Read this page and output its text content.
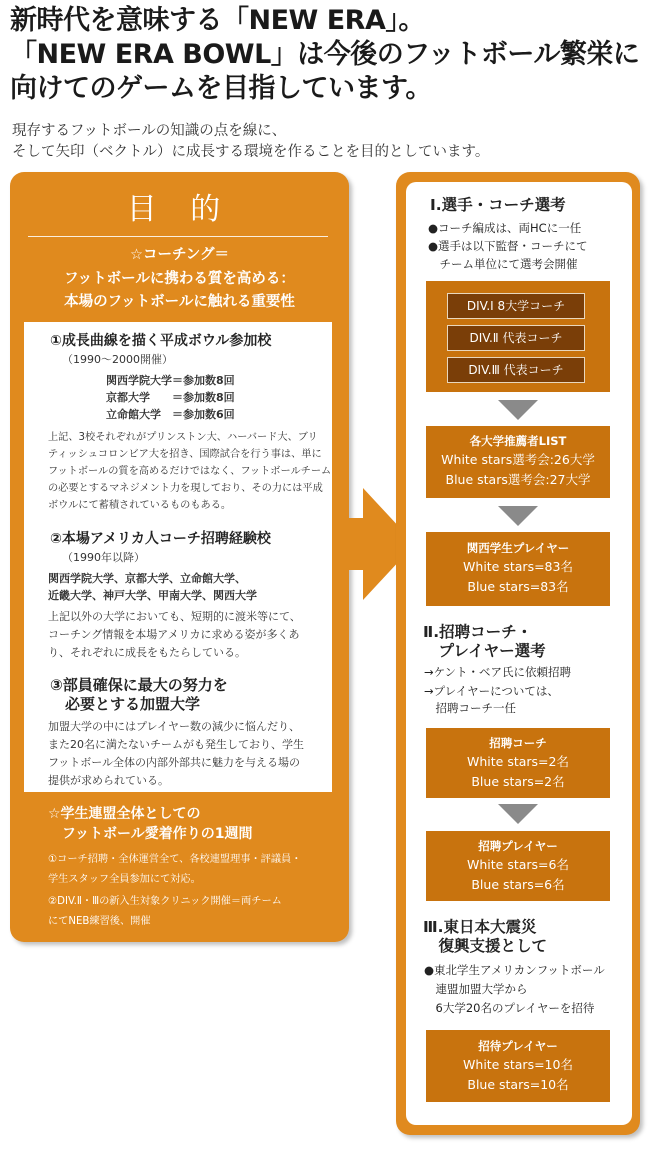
新時代を意味する「NEW ERA」。
「NEW ERA BOWL」は今後のフットボール繁栄に
向けてのゲームを目指しています。
現存するフットボールの知識の点を線に、
そして矢印（ベクトル）に成長する環境を作ることを目的としています。
目 的
☆コーチング＝
フットボールに携わる質を高める：
本場のフットボールに触れる重要性
①成長曲線を描く平成ボウル参加校
（1990～2000開催）
関西学院大学＝参加数8回
京都大学　　＝参加数8回
立命館大学　＝参加数6回
上記、3校それぞれがプリンストン大、ハーバード大、ブリ
ティッシュコロンビア大を招き、国際試合を行う事は、単に
フットボールの質を高めるだけではなく、フットボールチーム
の必要とするマネジメント力を現しており、その力には平成
ボウルにて蓄積されているものもある。
②本場アメリカ人コーチ招聘経験校
（1990年以降）
関西学院大学、京都大学、立命館大学、
近畿大学、神戸大学、甲南大学、関西大学
上記以外の大学においても、短期的に渡米等にて、
コーチング情報を本場アメリカに求める姿が多くあ
り、それぞれに成長をもたらしている。
③部員確保に最大の努力を
　必要とする加盟大学
加盟大学の中にはプレイヤー数の減少に悩んだり、
また20名に満たないチームがも発生しており、学生
フットボール全体の内部外部共に魅力を与える場の
提供が求められている。
☆学生連盟全体としての
　フットボール愛着作りの1週間
①コーチ招聘・全体運営全て、各校連盟理事・評議員・
学生スタッフ全員参加にて対応。
②DIV.Ⅱ・Ⅲの新入生対象クリニック開催＝両チーム
にてNEB練習後、開催
Ⅰ.選手・コーチ選考
●コーチ編成は、両HCに一任
●選手は以下監督・コーチにて
　チーム単位にて選考会開催
DIV.Ⅰ 8大学コーチ
DIV.Ⅱ 代表コーチ
DIV.Ⅲ 代表コーチ
各大学推薦者LIST
White stars選考会:26大学
Blue stars選考会:27大学
関西学生プレイヤー
White stars=83名
Blue stars=83名
Ⅱ.招聘コーチ・
　プレイヤー選考
→ケント・ベア氏に依頼招聘
→プレイヤーについては、
　招聘コーチ一任
招聘コーチ
White stars=2名
Blue stars=2名
招聘プレイヤー
White stars=6名
Blue stars=6名
Ⅲ.東日本大震災
　復興支援として
●東北学生アメリカンフットボール
　連盟加盟大学から
　6大学20名のプレイヤーを招待
招待プレイヤー
White stars=10名
Blue stars=10名
